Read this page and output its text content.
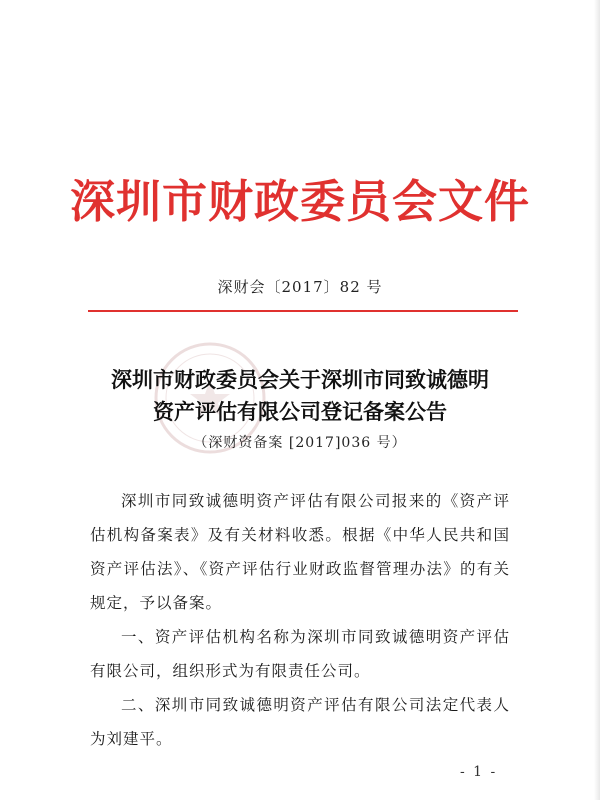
深圳市财政委员会文件
深财会〔2017〕82 号
深圳市财政委员会关于深圳市同致诚德明
资产评估有限公司登记备案公告
（深财资备案 [2017]036 号）

深圳市同致诚德明资产评估有限公司报来的《资产评估机构备案表》及有关材料收悉。根据《中华人民共和国资产评估法》、《资产评估行业财政监督管理办法》的有关规定，予以备案。

一、资产评估机构名称为深圳市同致诚德明资产评估有限公司，组织形式为有限责任公司。

二、深圳市同致诚德明资产评估有限公司法定代表人为刘建平。

- 1 -
